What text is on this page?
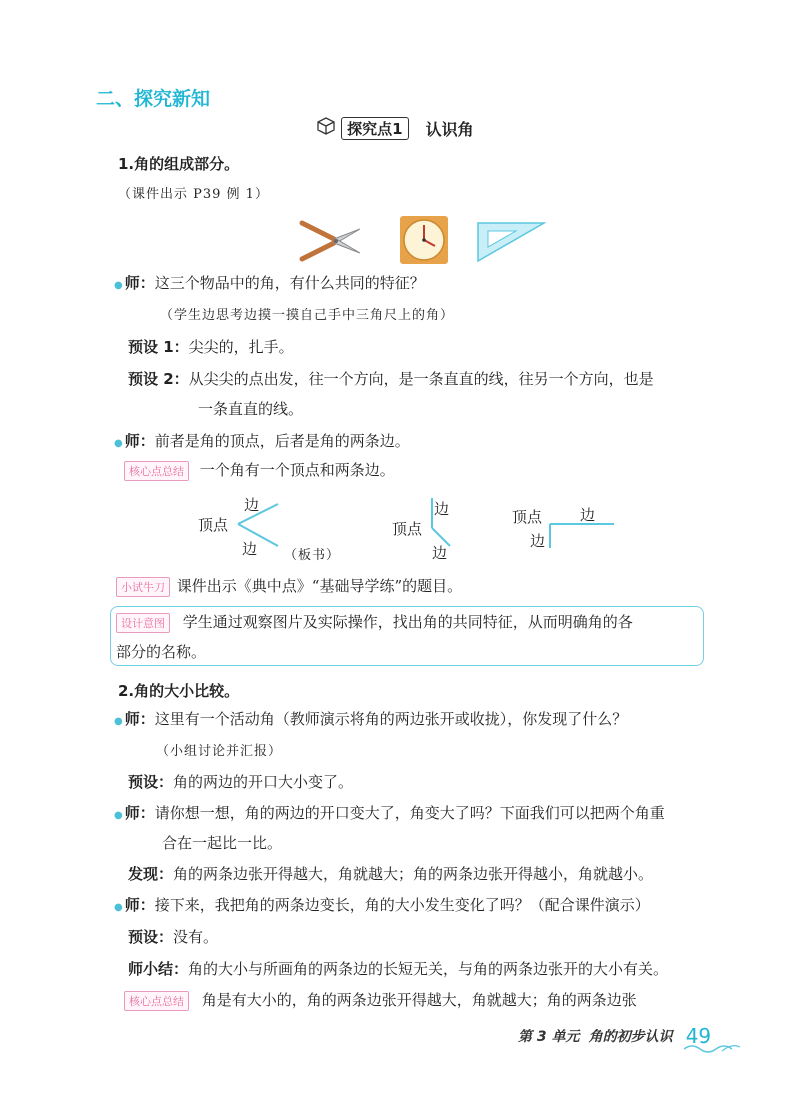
二、探究新知
探究点1 认识角
1.角的组成部分。
（课件出示 P39 例 1）
● 师：这三个物品中的角，有什么共同的特征？
（学生边思考边摸一摸自己手中三角尺上的角）
预设 1：尖尖的，扎手。
预设 2：从尖尖的点出发，往一个方向，是一条直直的线，往另一个方向，也是
一条直直的线。
● 师：前者是角的顶点，后者是角的两条边。
核心点总结 一个角有一个顶点和两条边。
顶点
边
边 （板书）
顶点
边
边
顶点	边
边
小试牛刀 课件出示《典中点》“基础导学练”的题目。
设计意图 学生通过观察图片及实际操作，找出角的共同特征，从而明确角的各
部分的名称。
2.角的大小比较。
● 师：这里有一个活动角（教师演示将角的两边张开或收拢），你发现了什么？
（小组讨论并汇报）
预设：角的两边的开口大小变了。
● 师：请你想一想，角的两边的开口变大了，角变大了吗？下面我们可以把两个角重
合在一起比一比。
发现：角的两条边张开得越大，角就越大；角的两条边张开得越小，角就越小。
● 师：接下来，我把角的两条边变长，角的大小发生变化了吗？（配合课件演示）
预设：没有。
师小结：角的大小与所画角的两条边的长短无关，与角的两条边张开的大小有关。
核心点总结 角是有大小的，角的两条边张开得越大，角就越大；角的两条边张
第 3 单元 角的初步认识 49
